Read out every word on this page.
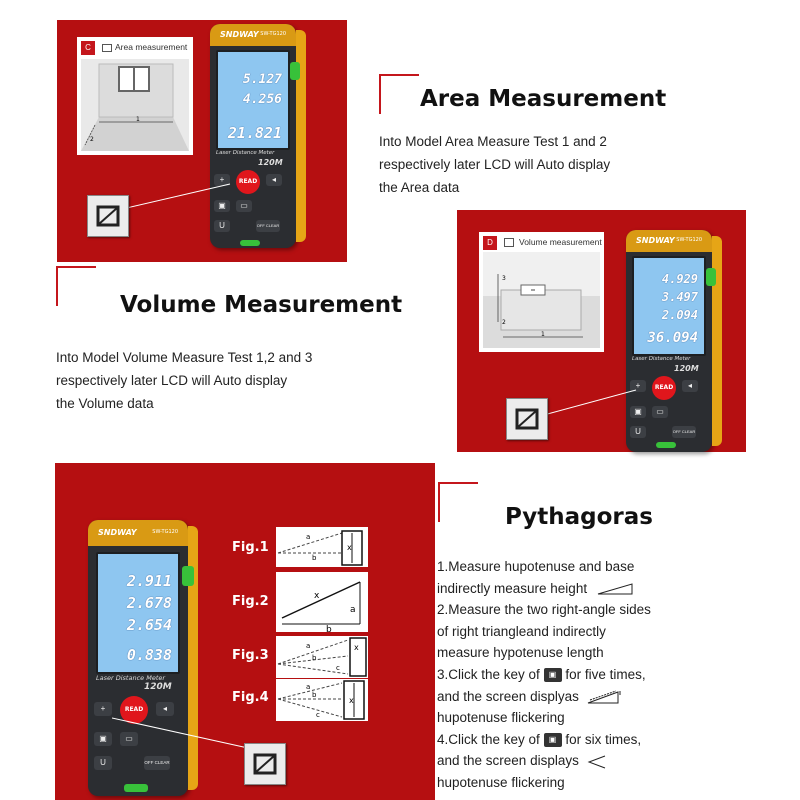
C	Area measurement
1
2
SNDWAY SW-TG120
5.127
4.256
21.821
Laser Distance Meter
120M
+	READ	◂
▣	▭
U	OFF CLEAR
Area Measurement
Into Model Area Measure Test 1 and 2
respectively later LCD will Auto display
the Area data
Volume Measurement
Into Model Volume Measure Test 1,2 and 3
respectively later LCD will Auto display
the Volume data
D	Volume measurement
3
2
1
SNDWAY SW-TG120
4.929
3.497
2.094
36.094
Laser Distance Meter
120M
+	READ	◂
▣	▭
U	OFF CLEAR
SNDWAY	SW-TG120
2.911
2.678
2.654
0.838
Laser Distance Meter
120M
+	READ	◂
▣	▭
U	OFF CLEAR
Fig.1
a
b
x
Fig.2	x
a
b
Fig.3
a
b
c
x
Fig.4
a
b
c
x
Pythagoras
1.Measure hupotenuse and base
indirectly measure height
2.Measure the two right-angle sides
of right triangleand indirectly
measure hypotenuse length
3.Click the key of ▣ for five times,
and the screen displyas
hupotenuse flickering
4.Click the key of ▣ for six times,
and the screen displays
hupotenuse flickering
